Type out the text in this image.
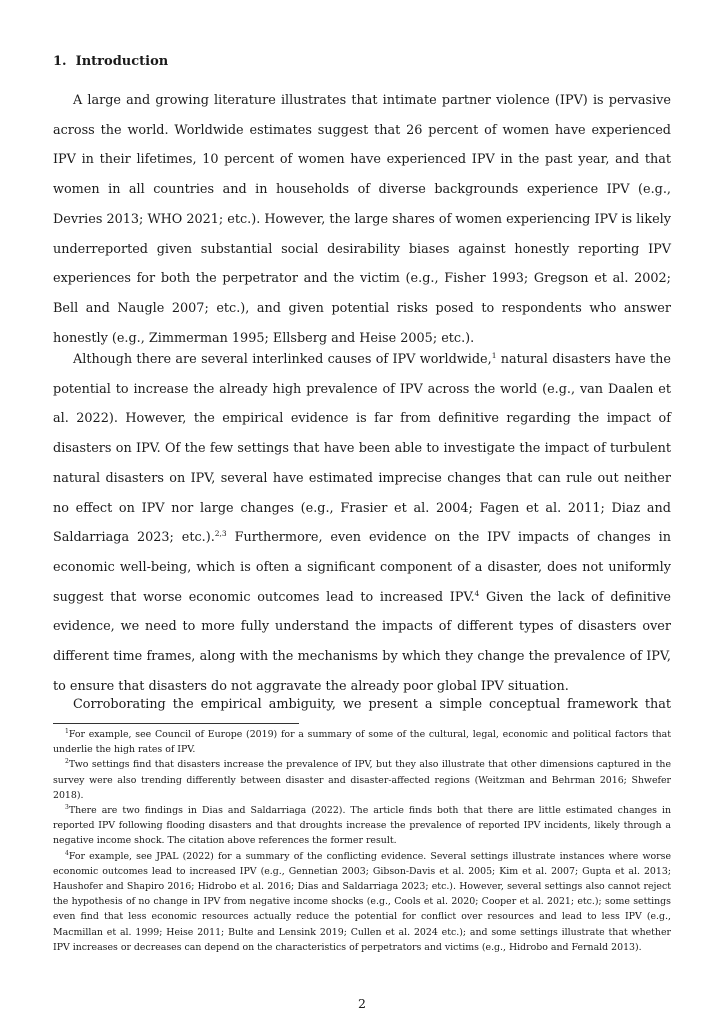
1. Introduction

A large and growing literature illustrates that intimate partner violence (IPV) is pervasive across the world. Worldwide estimates suggest that 26 percent of women have experienced IPV in their lifetimes, 10 percent of women have experienced IPV in the past year, and that women in all countries and in households of diverse backgrounds experience IPV (e.g., Devries 2013; WHO 2021; etc.). However, the large shares of women experiencing IPV is likely underreported given substantial social desirability biases against honestly reporting IPV experiences for both the perpetrator and the victim (e.g., Fisher 1993; Gregson et al. 2002; Bell and Naugle 2007; etc.), and given potential risks posed to respondents who answer honestly (e.g., Zimmerman 1995; Ellsberg and Heise 2005; etc.).

Although there are several interlinked causes of IPV worldwide,$^1$ natural disasters have the potential to increase the already high prevalence of IPV across the world (e.g., van Daalen et al. 2022). However, the empirical evidence is far from definitive regarding the impact of disasters on IPV. Of the few settings that have been able to investigate the impact of turbulent natural disasters on IPV, several have estimated imprecise changes that can rule out neither no effect on IPV nor large changes (e.g., Frasier et al. 2004; Fagen et al. 2011; Diaz and Saldarriaga 2023; etc.).$^{2,3}$ Furthermore, even evidence on the IPV impacts of changes in economic well-being, which is often a significant component of a disaster, does not uniformly suggest that worse economic outcomes lead to increased IPV.$^4$ Given the lack of definitive evidence, we need to more fully understand the impacts of different types of disasters over different time frames, along with the mechanisms by which they change the prevalence of IPV, to ensure that disasters do not aggravate the already poor global IPV situation.

Corroborating the empirical ambiguity, we present a simple conceptual framework that

$^1$For example, see Council of Europe (2019) for a summary of some of the cultural, legal, economic and political factors that underlie the high rates of IPV.

$^2$Two settings find that disasters increase the prevalence of IPV, but they also illustrate that other dimensions captured in the survey were also trending differently between disaster and disaster-affected regions (Weitzman and Behrman 2016; Shwefer 2018).

$^3$There are two findings in Dias and Saldarriaga (2022). The article finds both that there are little estimated changes in reported IPV following flooding disasters and that droughts increase the prevalence of reported IPV incidents, likely through a negative income shock. The citation above references the former result.

$^4$For example, see JPAL (2022) for a summary of the conflicting evidence. Several settings illustrate instances where worse economic outcomes lead to increased IPV (e.g., Gennetian 2003; Gibson-Davis et al. 2005; Kim et al. 2007; Gupta et al. 2013; Haushofer and Shapiro 2016; Hidrobo et al. 2016; Dias and Saldarriaga 2023; etc.). However, several settings also cannot reject the hypothesis of no change in IPV from negative income shocks (e.g., Cools et al. 2020; Cooper et al. 2021; etc.); some settings even find that less economic resources actually reduce the potential for conflict over resources and lead to less IPV (e.g., Macmillan et al. 1999; Heise 2011; Bulte and Lensink 2019; Cullen et al. 2024 etc.); and some settings illustrate that whether IPV increases or decreases can depend on the characteristics of perpetrators and victims (e.g., Hidrobo and Fernald 2013).

2
